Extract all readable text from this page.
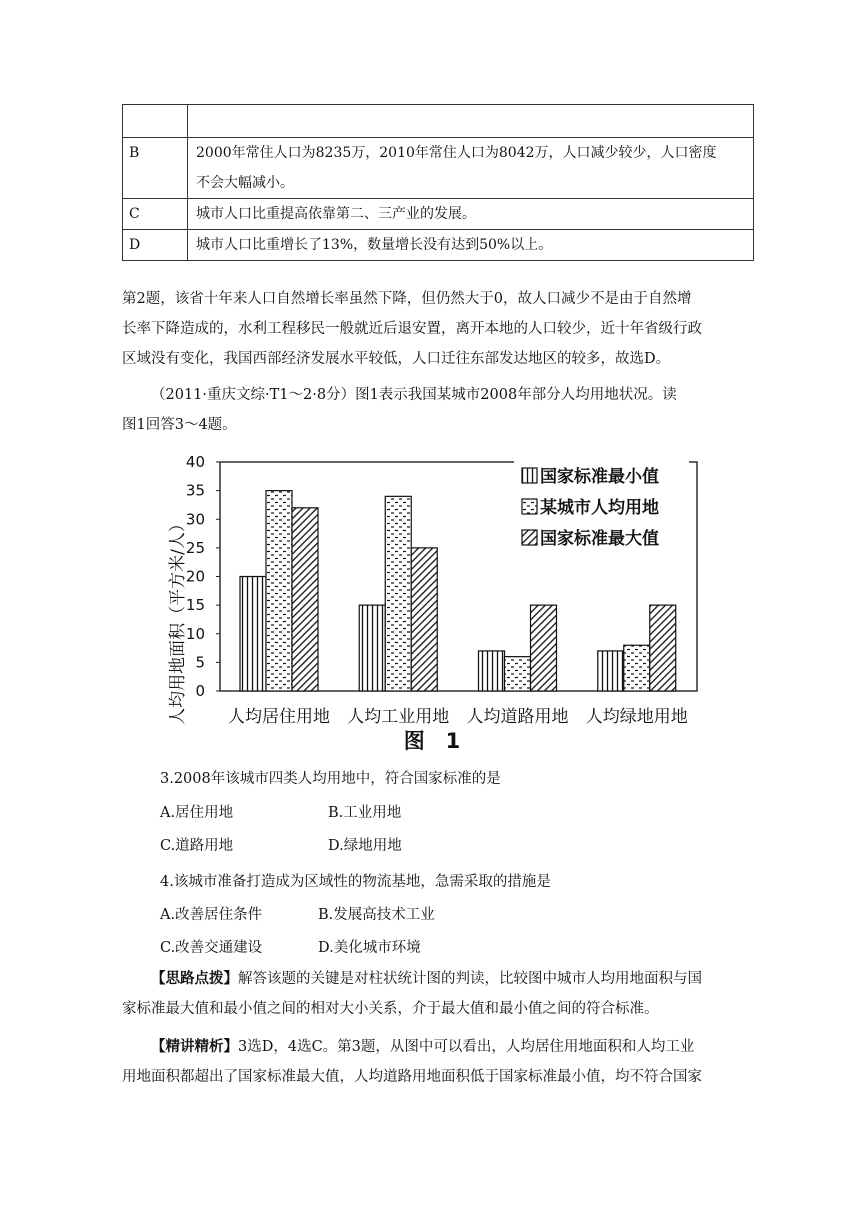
B	2000年常住人口为8235万，2010年常住人口为8042万，人口减少较少，人口密度
不会大幅减小。

C	城市人口比重提高依靠第二、三产业的发展。
D	城市人口比重增长了13%，数量增长没有达到50%以上。
第2题，该省十年来人口自然增长率虽然下降，但仍然大于0，故人口减少不是由于自然增
长率下降造成的，水利工程移民一般就近后退安置，离开本地的人口较少，近十年省级行政
区域没有变化，我国西部经济发展水平较低，人口迁往东部发达地区的较多，故选D。
（2011·重庆文综·T1～2·8分）图1表示我国某城市2008年部分人均用地状况。读
图1回答3～4题。
人均用地面积（平方米/人） 0
5
10
15
20
25
30
35
40
人均居住用地 人均工业用地 人均道路用地 人均绿地用地
国家标准最小值
某城市人均用地
国家标准最大值
图　1
3.2008年该城市四类人均用地中，符合国家标准的是
A.居住用地	B.工业用地
C.道路用地	D.绿地用地
4.该城市准备打造成为区域性的物流基地，急需采取的措施是
A.改善居住条件	B.发展高技术工业
C.改善交通建设	D.美化城市环境
【思路点拨】解答该题的关键是对柱状统计图的判读，比较图中城市人均用地面积与国
家标准最大值和最小值之间的相对大小关系，介于最大值和最小值之间的符合标准。
【精讲精析】3选D，4选C。第3题，从图中可以看出，人均居住用地面积和人均工业
用地面积都超出了国家标准最大值，人均道路用地面积低于国家标准最小值，均不符合国家
